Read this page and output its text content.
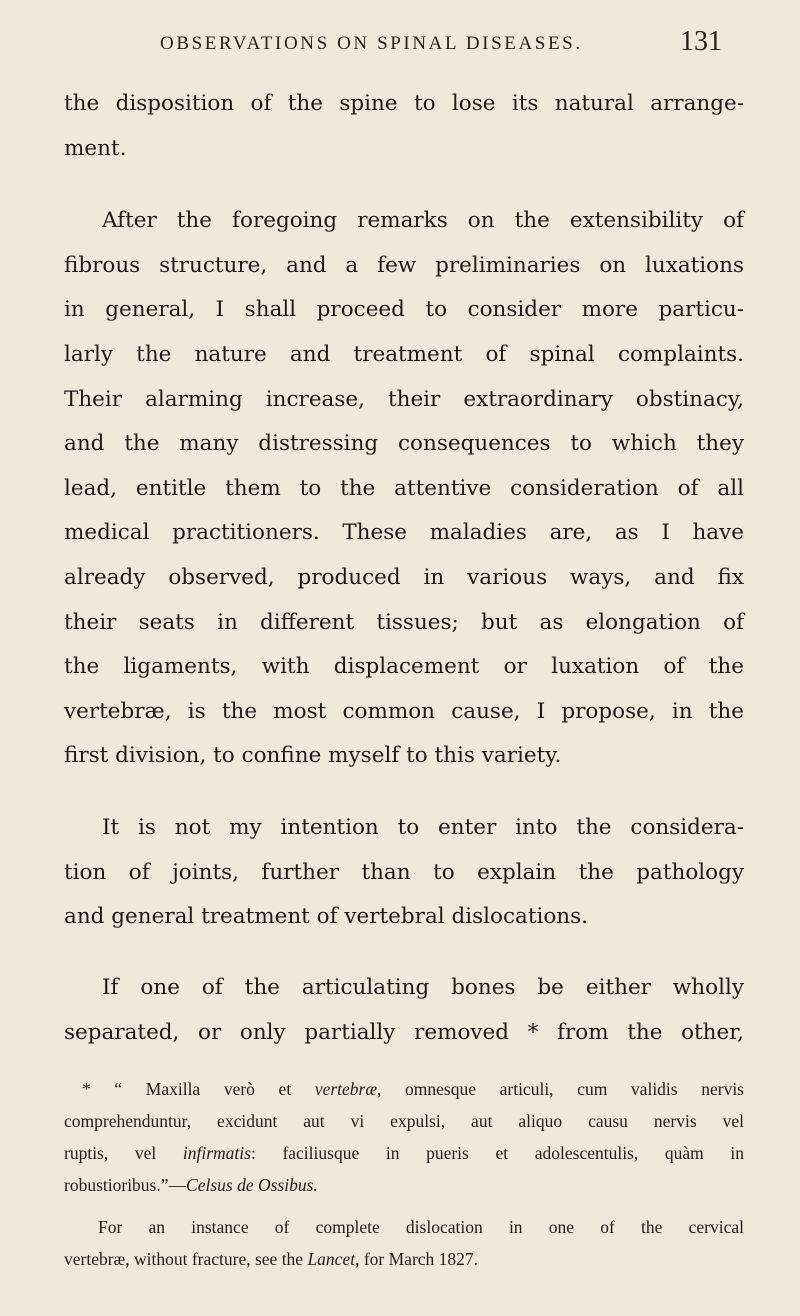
OBSERVATIONS ON SPINAL DISEASES.	131
the disposition of the spine to lose its natural arrange-
ment.
After the foregoing remarks on the extensibility of
fibrous structure, and a few preliminaries on luxations
in general, I shall proceed to consider more particu-
larly the nature and treatment of spinal complaints.
Their alarming increase, their extraordinary obstinacy,
and the many distressing consequences to which they
lead, entitle them to the attentive consideration of all
medical practitioners. These maladies are, as I have
already observed, produced in various ways, and fix
their seats in different tissues; but as elongation of
the ligaments, with displacement or luxation of the
vertebræ, is the most common cause, I propose, in the
first division, to confine myself to this variety.
It is not my intention to enter into the considera-
tion of joints, further than to explain the pathology
and general treatment of vertebral dislocations.
If one of the articulating bones be either wholly
separated, or only partially removed * from the other,
* “ Maxilla verò et vertebræ, omnesque articuli, cum validis nervis
comprehenduntur, excidunt aut vi expulsi, aut aliquo causu nervis vel
ruptis, vel infirmatis: faciliusque in pueris et adolescentulis, quàm in
robustioribus.”—Celsus de Ossibus.
For an instance of complete dislocation in one of the cervical
vertebræ, without fracture, see the Lancet, for March 1827.
